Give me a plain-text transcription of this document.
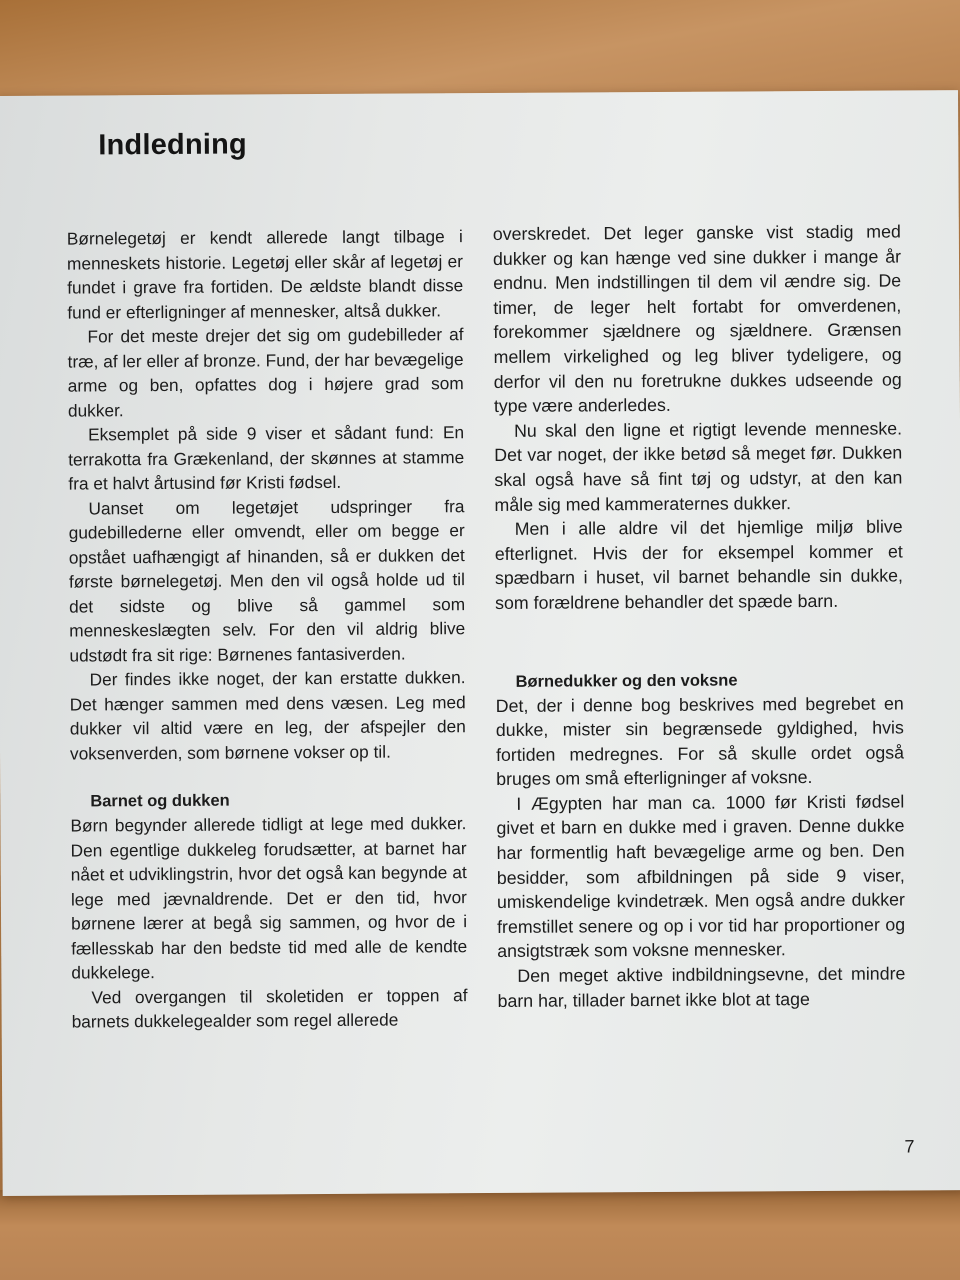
Indledning

Børnelegetøj er kendt allerede langt tilbage i menneskets historie. Legetøj eller skår af legetøj er fundet i grave fra fortiden. De ældste blandt disse fund er efterligninger af mennesker, altså dukker.

For det meste drejer det sig om gudebilleder af træ, af ler eller af bronze. Fund, der har bevægelige arme og ben, opfattes dog i højere grad som dukker.

Eksemplet på side 9 viser et sådant fund: En terrakotta fra Grækenland, der skønnes at stamme fra et halvt årtusind før Kristi fødsel.

Uanset om legetøjet udspringer fra gudebillederne eller omvendt, eller om begge er opstået uafhængigt af hinanden, så er dukken det første børnelegetøj. Men den vil også holde ud til det sidste og blive så gammel som menneskeslægten selv. For den vil aldrig blive udstødt fra sit rige: Børnenes fantasiverden.

Der findes ikke noget, der kan erstatte dukken. Det hænger sammen med dens væsen. Leg med dukker vil altid være en leg, der afspejler den voksenverden, som børnene vokser op til.

Barnet og dukken

Børn begynder allerede tidligt at lege med dukker. Den egentlige dukkeleg forudsætter, at barnet har nået et udviklingstrin, hvor det også kan begynde at lege med jævnaldrende. Det er den tid, hvor børnene lærer at begå sig sammen, og hvor de i fællesskab har den bedste tid med alle de kendte dukkelege.

Ved overgangen til skoletiden er toppen af barnets dukkelegealder som regel allerede

overskredet. Det leger ganske vist stadig med dukker og kan hænge ved sine dukker i mange år endnu. Men indstillingen til dem vil ændre sig. De timer, de leger helt fortabt for omverdenen, forekommer sjældnere og sjældnere. Grænsen mellem virkelighed og leg bliver tydeligere, og derfor vil den nu foretrukne dukkes udseende og type være anderledes.

Nu skal den ligne et rigtigt levende menneske. Det var noget, der ikke betød så meget før. Dukken skal også have så fint tøj og udstyr, at den kan måle sig med kammeraternes dukker.

Men i alle aldre vil det hjemlige miljø blive efterlignet. Hvis der for eksempel kommer et spædbarn i huset, vil barnet behandle sin dukke, som forældrene behandler det spæde barn.

Børnedukker og den voksne

Det, der i denne bog beskrives med begrebet en dukke, mister sin begrænsede gyldighed, hvis fortiden medregnes. For så skulle ordet også bruges om små efterligninger af voksne.

I Ægypten har man ca. 1000 før Kristi fødsel givet et barn en dukke med i graven. Denne dukke har formentlig haft bevægelige arme og ben. Den besidder, som afbildningen på side 9 viser, umiskendelige kvindetræk. Men også andre dukker fremstillet senere og op i vor tid har proportioner og ansigtstræk som voksne mennesker.

Den meget aktive indbildningsevne, det mindre barn har, tillader barnet ikke blot at tage

7
